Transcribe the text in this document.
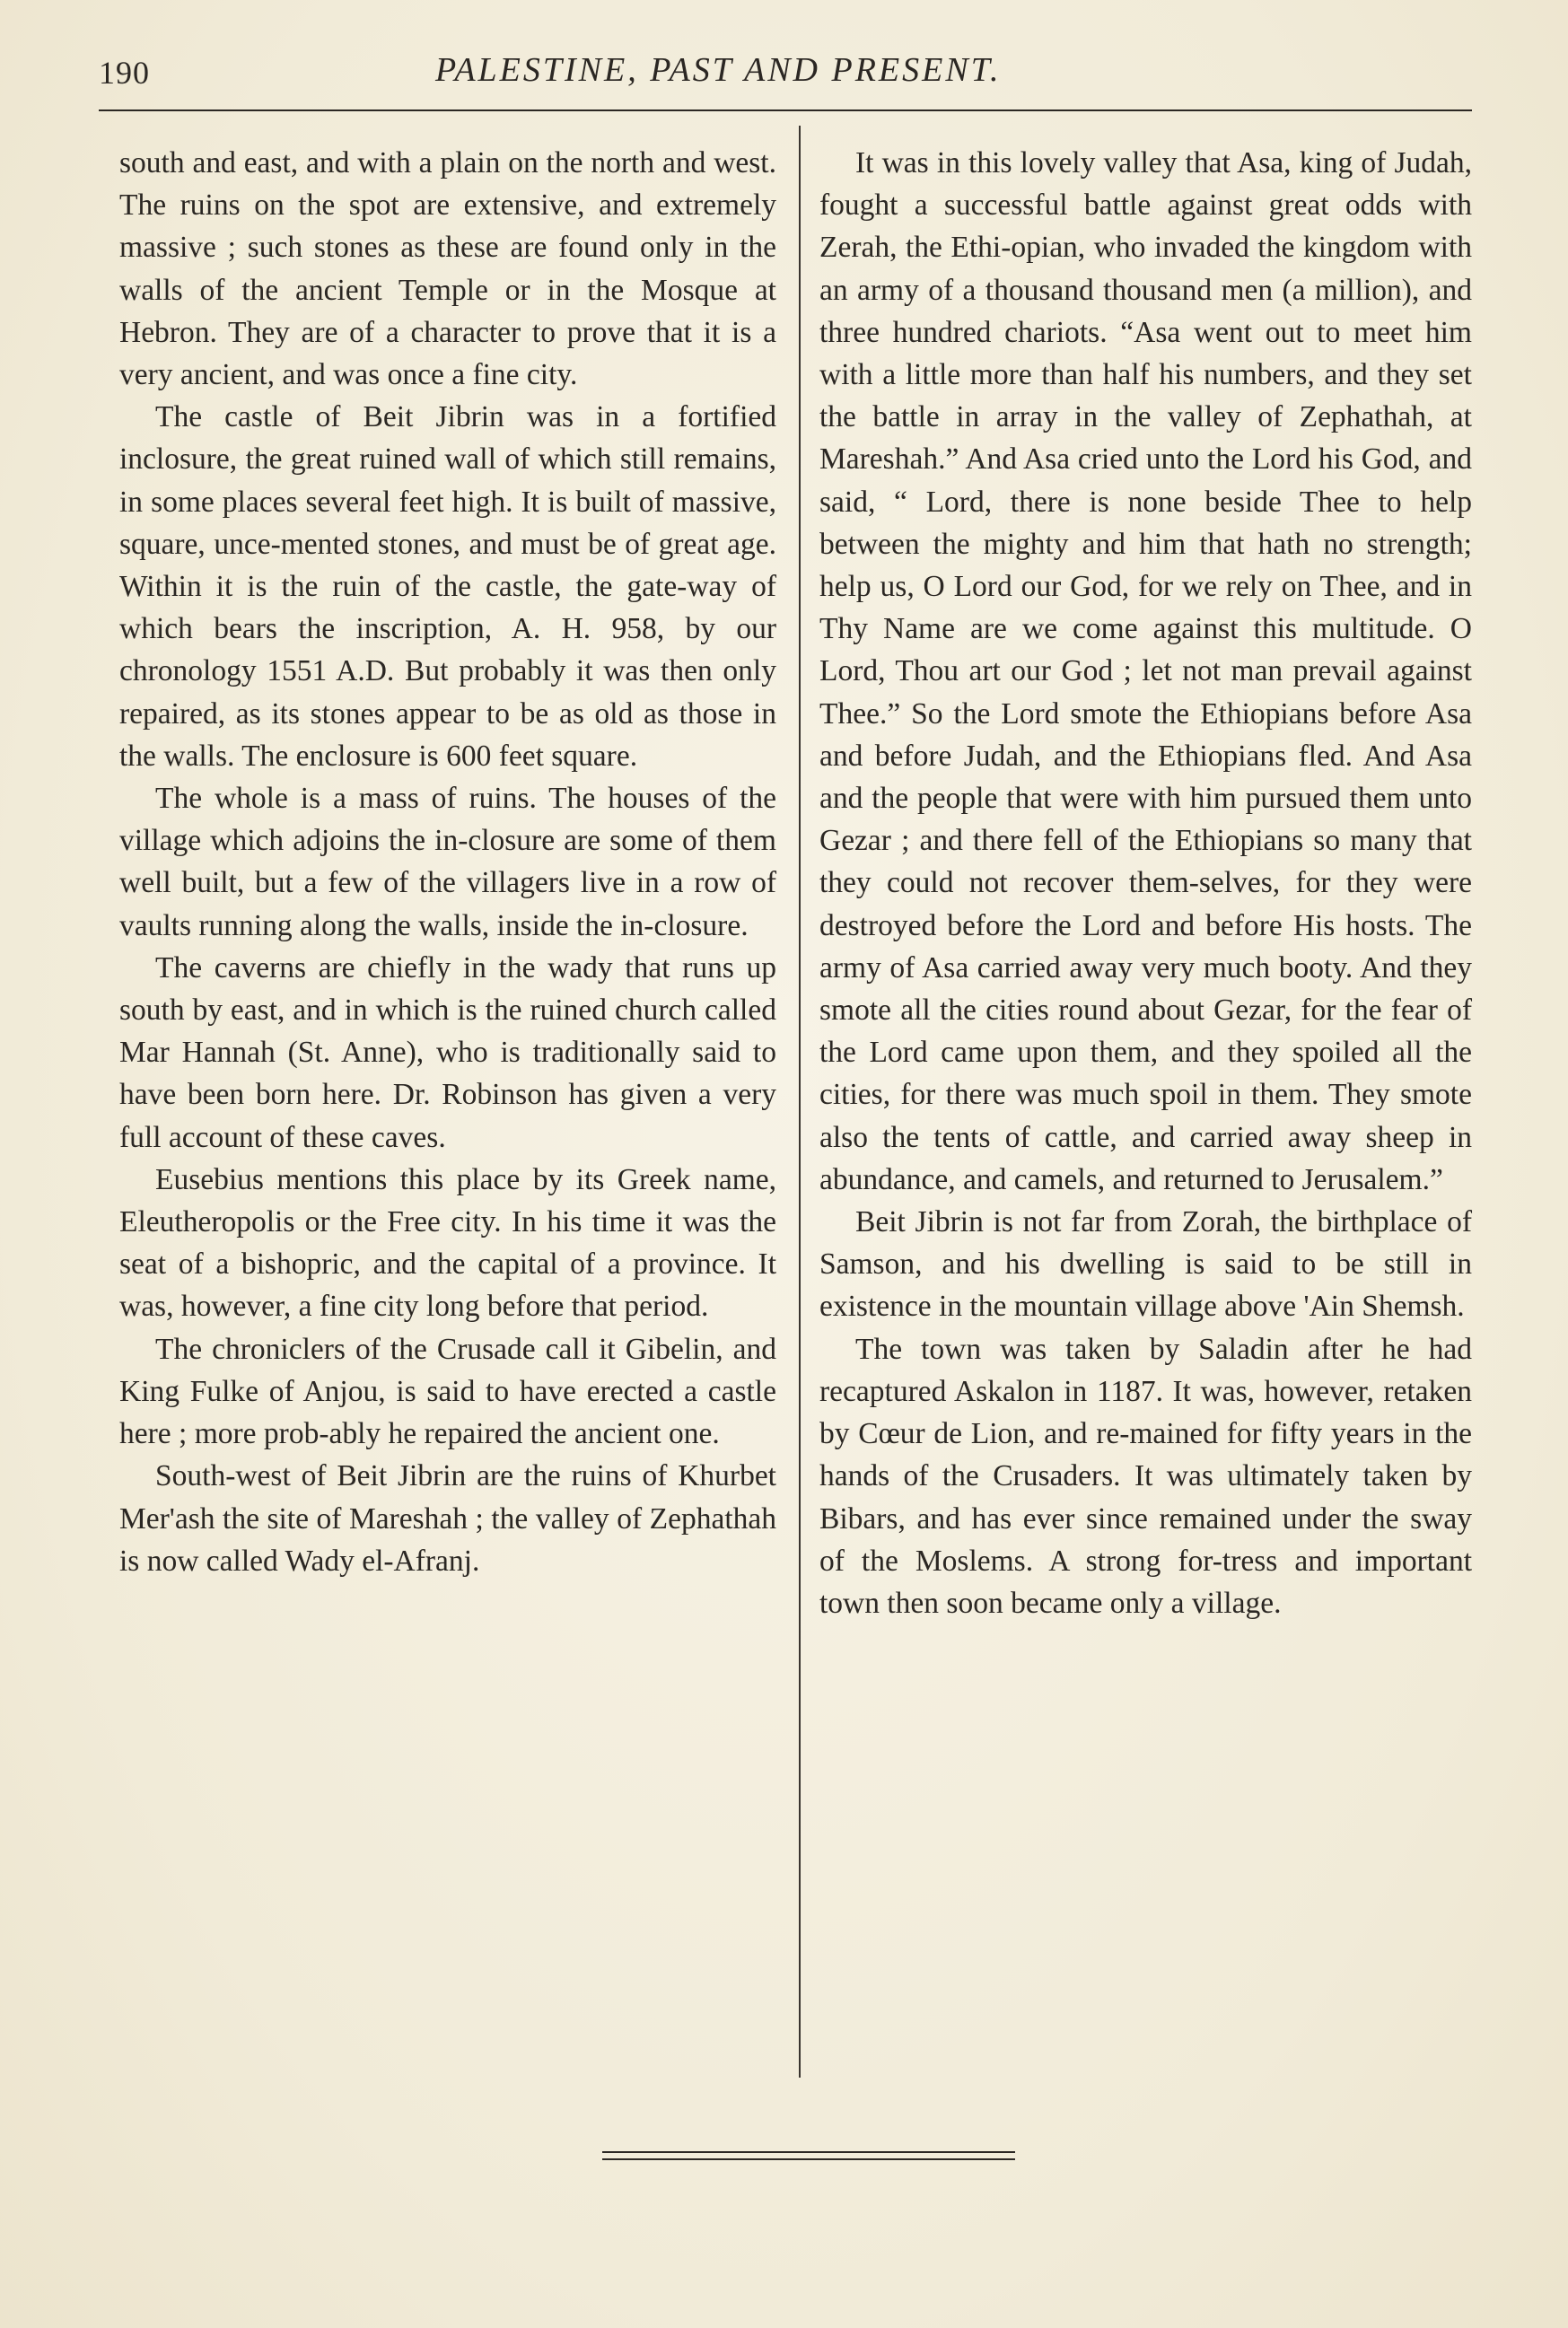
190	PALESTINE, PAST AND PRESENT.

south and east, and with a plain on the north and west. The ruins on the spot are extensive, and extremely massive ; such stones as these are found only in the walls of the ancient Temple or in the Mosque at Hebron. They are of a character to prove that it is a very ancient, and was once a fine city.

The castle of Beit Jibrin was in a fortified inclosure, the great ruined wall of which still remains, in some places several feet high. It is built of massive, square, unce-mented stones, and must be of great age. Within it is the ruin of the castle, the gate-way of which bears the inscription, A. H. 958, by our chronology 1551 A.D. But probably it was then only repaired, as its stones appear to be as old as those in the walls. The enclosure is 600 feet square.

The whole is a mass of ruins. The houses of the village which adjoins the in-closure are some of them well built, but a few of the villagers live in a row of vaults running along the walls, inside the in-closure.

The caverns are chiefly in the wady that runs up south by east, and in which is the ruined church called Mar Hannah (St. Anne), who is traditionally said to have been born here. Dr. Robinson has given a very full account of these caves.

Eusebius mentions this place by its Greek name, Eleutheropolis or the Free city. In his time it was the seat of a bishopric, and the capital of a province. It was, however, a fine city long before that period.

The chroniclers of the Crusade call it Gibelin, and King Fulke of Anjou, is said to have erected a castle here ; more prob-ably he repaired the ancient one.

South-west of Beit Jibrin are the ruins of Khurbet Mer'ash the site of Mareshah ; the valley of Zephathah is now called Wady el-Afranj.

It was in this lovely valley that Asa, king of Judah, fought a successful battle against great odds with Zerah, the Ethi-opian, who invaded the kingdom with an army of a thousand thousand men (a million), and three hundred chariots. “Asa went out to meet him with a little more than half his numbers, and they set the battle in array in the valley of Zephathah, at Mareshah.” And Asa cried unto the Lord his God, and said, “ Lord, there is none beside Thee to help between the mighty and him that hath no strength; help us, O Lord our God, for we rely on Thee, and in Thy Name are we come against this multitude. O Lord, Thou art our God ; let not man prevail against Thee.” So the Lord smote the Ethiopians before Asa and before Judah, and the Ethiopians fled. And Asa and the people that were with him pursued them unto Gezar ; and there fell of the Ethiopians so many that they could not recover them-selves, for they were destroyed before the Lord and before His hosts. The army of Asa carried away very much booty. And they smote all the cities round about Gezar, for the fear of the Lord came upon them, and they spoiled all the cities, for there was much spoil in them. They smote also the tents of cattle, and carried away sheep in abundance, and camels, and returned to Jerusalem.”

Beit Jibrin is not far from Zorah, the birthplace of Samson, and his dwelling is said to be still in existence in the mountain village above 'Ain Shemsh.

The town was taken by Saladin after he had recaptured Askalon in 1187. It was, however, retaken by Cœur de Lion, and re-mained for fifty years in the hands of the Crusaders. It was ultimately taken by Bibars, and has ever since remained under the sway of the Moslems. A strong for-tress and important town then soon became only a village.
